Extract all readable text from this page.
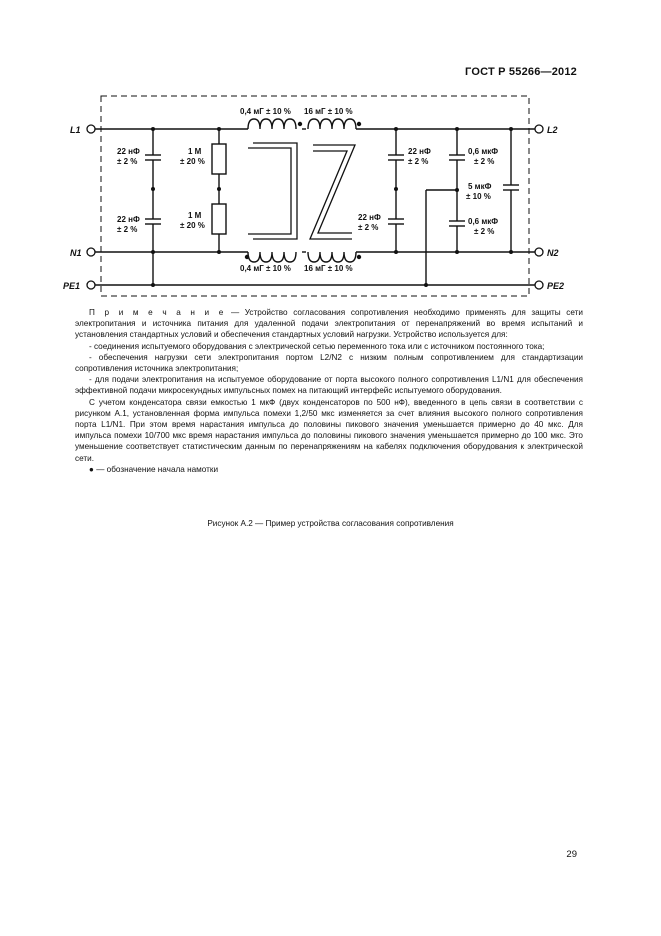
ГОСТ Р 55266—2012
L1
N1
PE1
L2
N2
PE2
0,4 мГ ± 10 % 16 мГ ± 10 %
0,4 мГ ± 10 % 16 мГ ± 10 %
22 нФ
± 2 %
22 нФ
± 2 %
1 М
± 20 %
1 М
± 20 %
22 нФ
± 2 %
22 нФ
± 2 %
0,6 мкФ
± 2 %
5 мкФ
± 10 %
0,6 мкФ
± 2 %

П р и м е ч а н и е — Устройство согласования сопротивления необходимо применять для защиты сети электропитания и источника питания для удаленной подачи электропитания от перенапряжений во время испытаний и установления стандартных условий и обеспечения стандартных условий нагрузки. Устройство используется для:

- соединения испытуемого оборудования с электрической сетью переменного тока или с источником постоянного тока;

- обеспечения нагрузки сети электропитания портом L2/N2 с низким полным сопротивлением для стандартизации сопротивления источника электропитания;

- для подачи электропитания на испытуемое оборудование от порта высокого полного сопротивления L1/N1 для обеспечения эффективной подачи микросекундных импульсных помех на питающий интерфейс испытуемого оборудования.

С учетом конденсатора связи емкостью 1 мкФ (двух конденсаторов по 500 нФ), введенного в цепь связи в соответствии с рисунком А.1, установленная форма импульса помехи 1,2/50 мкс изменяется за счет влияния высокого полного сопротивления порта L1/N1. При этом время нарастания импульса до половины пикового значения уменьшается примерно до 40 мкс. Для импульса помехи 10/700 мкс время нарастания импульса до половины пикового значения уменьшается примерно до 100 мкс. Это уменьшение соответствует статистическим данным по перенапряжениям на кабелях подключения оборудования к электрической сети.

● — обозначение начала намотки

Рисунок А.2 — Пример устройства согласования сопротивления
29
